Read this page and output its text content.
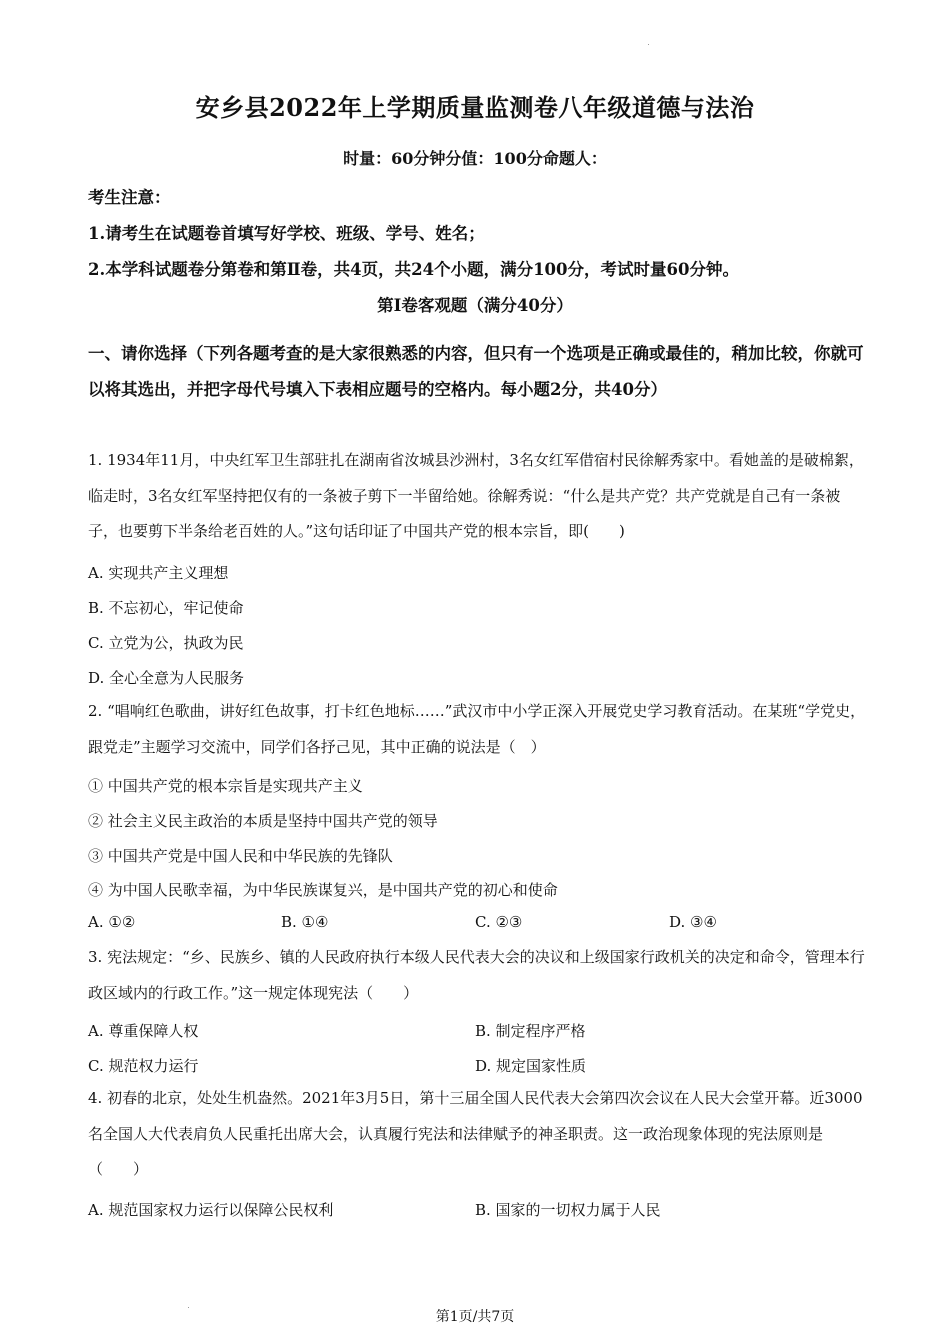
安乡县2022年上学期质量监测卷八年级道德与法治
时量：60分钟分值：100分命题人：
考生注意：
1.请考生在试题卷首填写好学校、班级、学号、姓名；
2.本学科试题卷分第卷和第Ⅱ卷，共4页，共24个小题，满分100分，考试时量60分钟。
第Ⅰ卷客观题（满分40分）
一、请你选择（下列各题考查的是大家很熟悉的内容，但只有一个选项是正确或最佳的，稍加比较，你就可以将其选出，并把字母代号填入下表相应题号的空格内。每小题2分，共40分）
1. 1934年11月，中央红军卫生部驻扎在湖南省汝城县沙洲村，3名女红军借宿村民徐解秀家中。看她盖的是破棉絮，临走时，3名女红军坚持把仅有的一条被子剪下一半留给她。徐解秀说：“什么是共产党？共产党就是自己有一条被子，也要剪下半条给老百姓的人。”这句话印证了中国共产党的根本宗旨，即(　　)
A. 实现共产主义理想
B. 不忘初心，牢记使命
C. 立党为公，执政为民
D. 全心全意为人民服务
2. “唱响红色歌曲，讲好红色故事，打卡红色地标……”武汉市中小学正深入开展党史学习教育活动。在某班“学党史，跟党走”主题学习交流中，同学们各抒己见，其中正确的说法是（　）
① 中国共产党的根本宗旨是实现共产主义
② 社会主义民主政治的本质是坚持中国共产党的领导
③ 中国共产党是中国人民和中华民族的先锋队
④ 为中国人民歌幸福，为中华民族谋复兴，是中国共产党的初心和使命
A. ①②	B. ①④	C. ②③	D. ③④
3. 宪法规定：“乡、民族乡、镇的人民政府执行本级人民代表大会的决议和上级国家行政机关的决定和命令，管理本行政区域内的行政工作。”这一规定体现宪法（　　）
A. 尊重保障人权	B. 制定程序严格
C. 规范权力运行	D. 规定国家性质
4. 初春的北京，处处生机盎然。2021年3月5日，第十三届全国人民代表大会第四次会议在人民大会堂开幕。近3000名全国人大代表肩负人民重托出席大会，认真履行宪法和法律赋予的神圣职责。这一政治现象体现的宪法原则是（　　）
A. 规范国家权力运行以保障公民权利	B. 国家的一切权力属于人民
第1页/共7页
